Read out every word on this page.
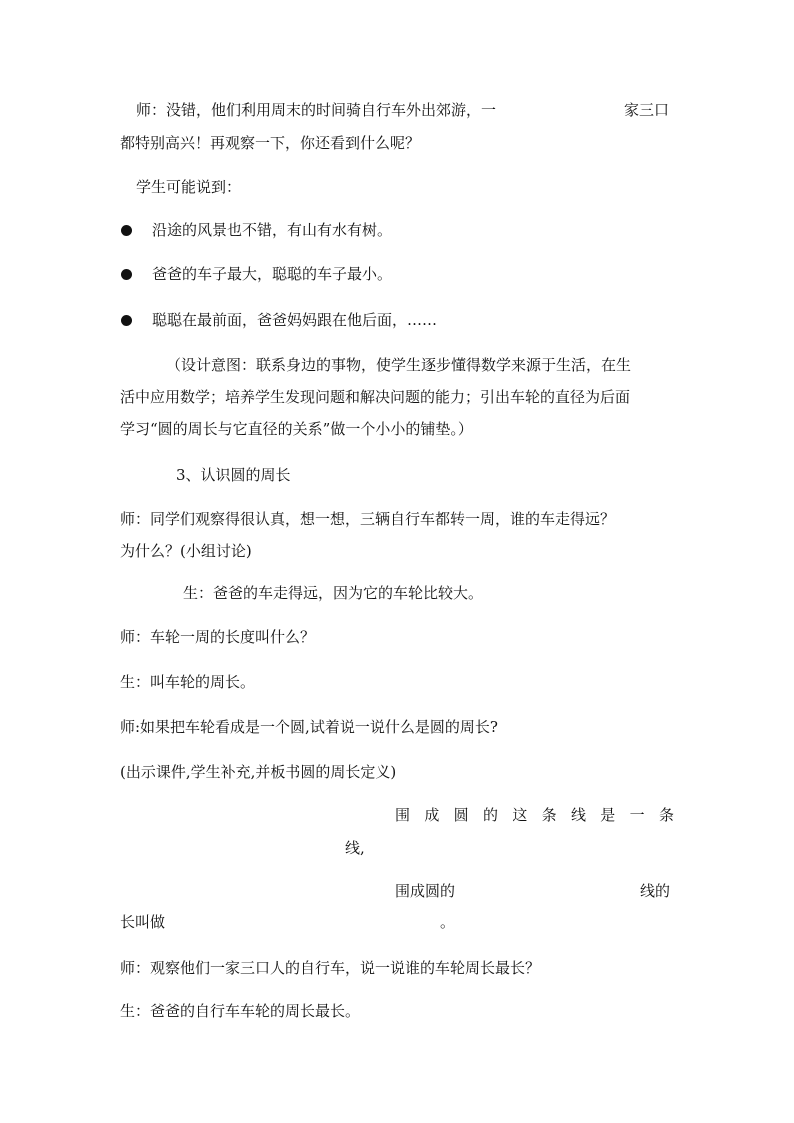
师：没错，他们利用周末的时间骑自行车外出郊游，一	家三口
都特别高兴！再观察一下，你还看到什么呢？
学生可能说到：
沿途的风景也不错，有山有水有树。
爸爸的车子最大，聪聪的车子最小。
聪聪在最前面，爸爸妈妈跟在他后面，……
（设计意图：联系身边的事物，使学生逐步懂得数学来源于生活，在生
活中应用数学；培养学生发现问题和解决问题的能力；引出车轮的直径为后面
学习“圆的周长与它直径的关系”做一个小小的铺垫。）
3、认识圆的周长
师：同学们观察得很认真，想一想，三辆自行车都转一周，谁的车走得远？
为什么？(小组讨论)
生：爸爸的车走得远，因为它的车轮比较大。
师：车轮一周的长度叫什么？
生：叫车轮的周长。
师:如果把车轮看成是一个圆,试着说一说什么是圆的周长?
(出示课件,学生补充,并板书圆的周长定义)
围 成 圆 的 这 条 线 是 一 条
线,
围成圆的	线的
长叫做	。
师：观察他们一家三口人的自行车，说一说谁的车轮周长最长？
生：爸爸的自行车车轮的周长最长。
